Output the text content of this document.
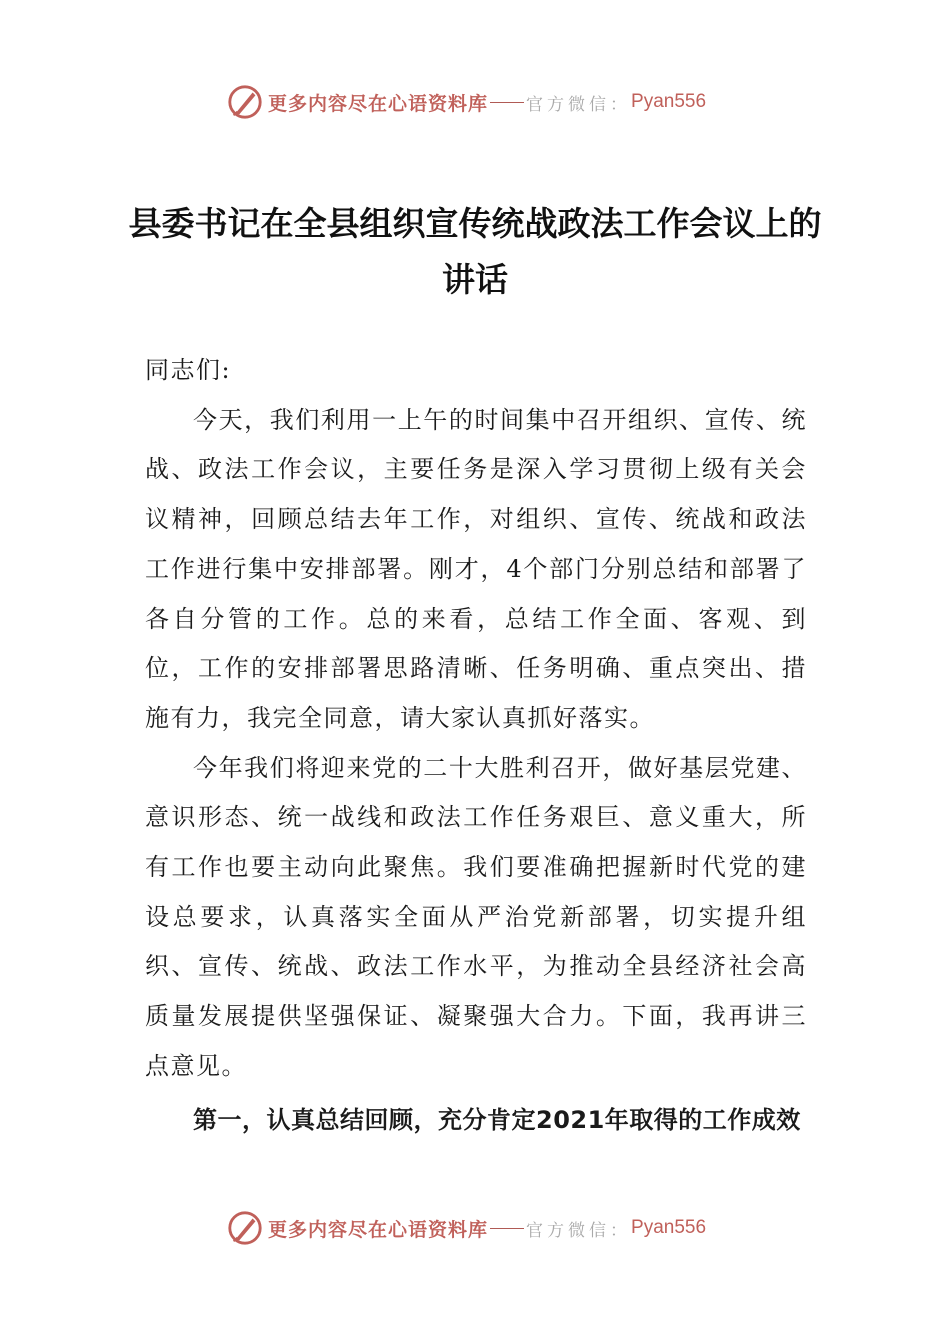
更多内容尽在心语资料库 官方微信： Pyan556
县委书记在全县组织宣传统战政法工作会议上的讲话

同志们:

今天，我们利用一上午的时间集中召开组织、宣传、统战、政法工作会议，主要任务是深入学习贯彻上级有关会议精神，回顾总结去年工作，对组织、宣传、统战和政法工作进行集中安排部署。刚才，4个部门分别总结和部署了各自分管的工作。总的来看，总结工作全面、客观、到位，工作的安排部署思路清晰、任务明确、重点突出、措施有力，我完全同意，请大家认真抓好落实。

今年我们将迎来党的二十大胜利召开，做好基层党建、意识形态、统一战线和政法工作任务艰巨、意义重大，所有工作也要主动向此聚焦。我们要准确把握新时代党的建设总要求，认真落实全面从严治党新部署，切实提升组织、宣传、统战、政法工作水平，为推动全县经济社会高质量发展提供坚强保证、凝聚强大合力。下面，我再讲三点意见。

第一，认真总结回顾，充分肯定2021年取得的工作成效

更多内容尽在心语资料库 官方微信： Pyan556
